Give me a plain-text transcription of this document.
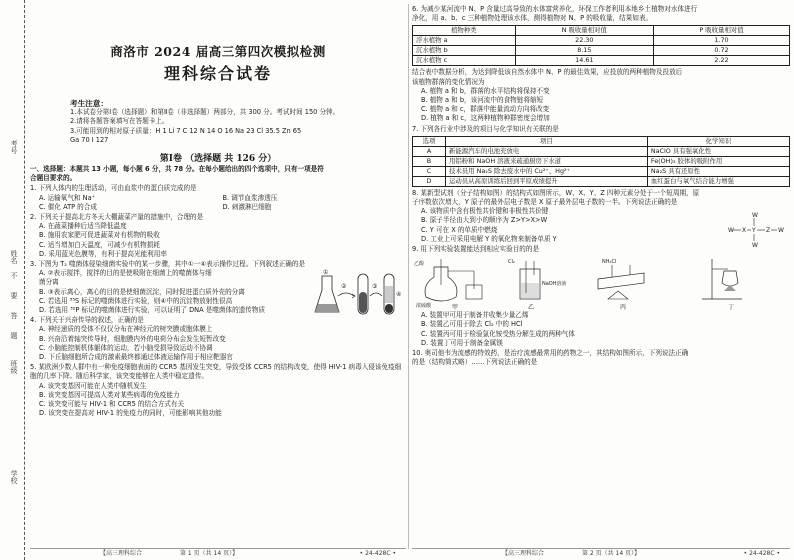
考号
姓名
不
要
答
题
班级
学校
商洛市 2024 届高三第四次模拟检测
理科综合试卷
考生注意：
1.本试卷分第Ⅰ卷（选择题）和第Ⅱ卷（非选择题）两部分，共 300 分。考试时间 150 分钟。
2.请将各题答案填写在答题卡上。
3.可能用到的相对原子质量：H 1 Li 7 C 12 N 14 O 16 Na 23 Cl 35.5 Zn 65
Ga 70 I 127
第Ⅰ卷 （选择题 共 126 分）
一、选择题：本题共 13 小题，每小题 6 分，共 78 分。在每小题给出的四个选项中，只有一项是符
合题目要求的。
1. 下列人体内的生理活动，可由血浆中的蛋白质完成的是
A. 运输氧气和 Na⁺	B. 调节血浆渗透压
C. 催化 ATP 的合成	D. 刺激淋巴细胞
2. 下列关于提高北方冬天大棚蔬菜产量的措施中，合理的是
A. 在蔬菜播种后适当降低温度
B. 施用农家肥可促进蔬菜对有机物的吸收
C. 适当增加白天温度，可减少有机物损耗
D. 采用蓝光色膜等，有利于提高光能利用率
3. 下图为 T₂ 噬菌体侵染细菌实验中的某一步骤，其中①一④表示操作过程。下列叙述正确的是
②	③
④
①
A. ②表示搅拌，搅拌的目的是使吸附在细菌上的噬菌体与细
菌分离
B. ③表示离心，离心的目的是使细菌沉淀，同时促进蛋白质外壳的分离
C. 若选用 ³⁵S 标记的噬菌体进行实验，则④中的沉淀物放射性很高
D. 若选用 ³²P 标记的噬菌体进行实验，可以证明了 DNA 是噬菌体的遗传物质
4. 下列关于兴奋传导的叙述，正确的是
A. 神经递质的受体不仅仅分布在神经元的树突膜或胞体膜上
B. 兴奋沿着轴突传导时，细胞膜内外的电荷分布会发生短暂改变
C. 小脑能控制机体躯体的运动，若小脑受损导致运动不协调
D. 下丘脑细胞所合成的激素最终都通过体液运输作用于相应靶器官
5. 某欧洲少数人群中有一种免疫细胞表面的 CCR5 基因发生突变，导致受体 CCR5 的结构改变，使得 HIV-1 病毒入侵该免疫细胞的几率下降。随后科学家，该突变能够在人类中稳定遗传。
A. 该突变基因可能在人类中随机发生
B. 该突变基因可提高人类对某些病毒的免疫能力
C. 该突变可能与 HIV-1 和 CCR5 的结合方式有关
D. 该突变在提高对 HIV-1 的免疫力的同时，可能影响其他功能
6. 为减少某河流中 N、P 含量过高导致的水体富营养化，环保工作者利用本地乡土植物对水体进行
净化，用 a、b、c 三种植物处理该水体，测得植物对 N、P 的吸收量，结果如表。
植物种类	N 吸收量相对值	P 吸收量相对值
浮水植物 a	22.30	1.70
沉水植物 b	8.15	0.72
沉水植物 c	14.61	2.22
结合表中数据分析，为达到降低该自然水体中 N、P 的最佳效果，应投放的两种植物及投放后
该植物群落的变化情况为
A. 植物 a 和 b，群落的水平结构将保持不变
B. 植物 a 和 b，该河流中的食物链将缩短
C. 植物 a 和 c，群落中能量流动方向将改变
D. 植物 a 和 c，这两种植物种群密度会增加
7. 下列各行业中涉及的项目与化学知识有关联的是
选项	项目	化学知识
A	新能源汽车的电池充放电	NaClO 具有强氧化性
B	用铝粉和 NaOH 溶液来疏通厨房下水道	Fe(OH)₃ 胶体的吸附作用
C	技术员用 Na₂S 除去废水中的 Cu²⁺、Hg²⁺	Na₂S 具有还原性
D	运动员从高原训练后回到平原成绩提升	血红蛋白与氧气结合能力增强
8. 某新型试剂（分子结构如图）的结构式如图所示，W、X、Y、Z 四种元素分处于一个短周期，原
子序数依次增大，Y 原子的最外层电子数是 X 原子最外层电子数的一半。下列说法正确的是
W
W
W
X Y Z W
A. 该物质中含有极性共价键和非极性共价键
B. 原子半径由大到小的顺序为 Z>Y>X>W
C. Y 可在 X 的单质中燃烧
D. 工业上可采用电解 Y 的氧化物来制备单质 Y
9. 用下列实验装置能达到相应实验目的的是
乙醇
浓硫酸	甲
NaOH溶液
Cl₂
乙
NH₄Cl
丙	丁
A. 装置甲可用于制备并收集少量乙烯
B. 装置乙可用于除去 Cl₂ 中的 HCl
C. 装置丙可用于检验氯化铵受热分解生成的两种气体
D. 装置丁可用于制备金属镁
10. 奥司他韦为流感的特效药，是治疗流感最常用的药物之一，其结构如图所示，下列说法正确
的是（结构简式略）……下列说法正确的是
【高三理科综合	第 1 页（共 14 页）】	• 24-428C •	【高三理科综合	第 2 页（共 14 页）】	• 24-428C •
